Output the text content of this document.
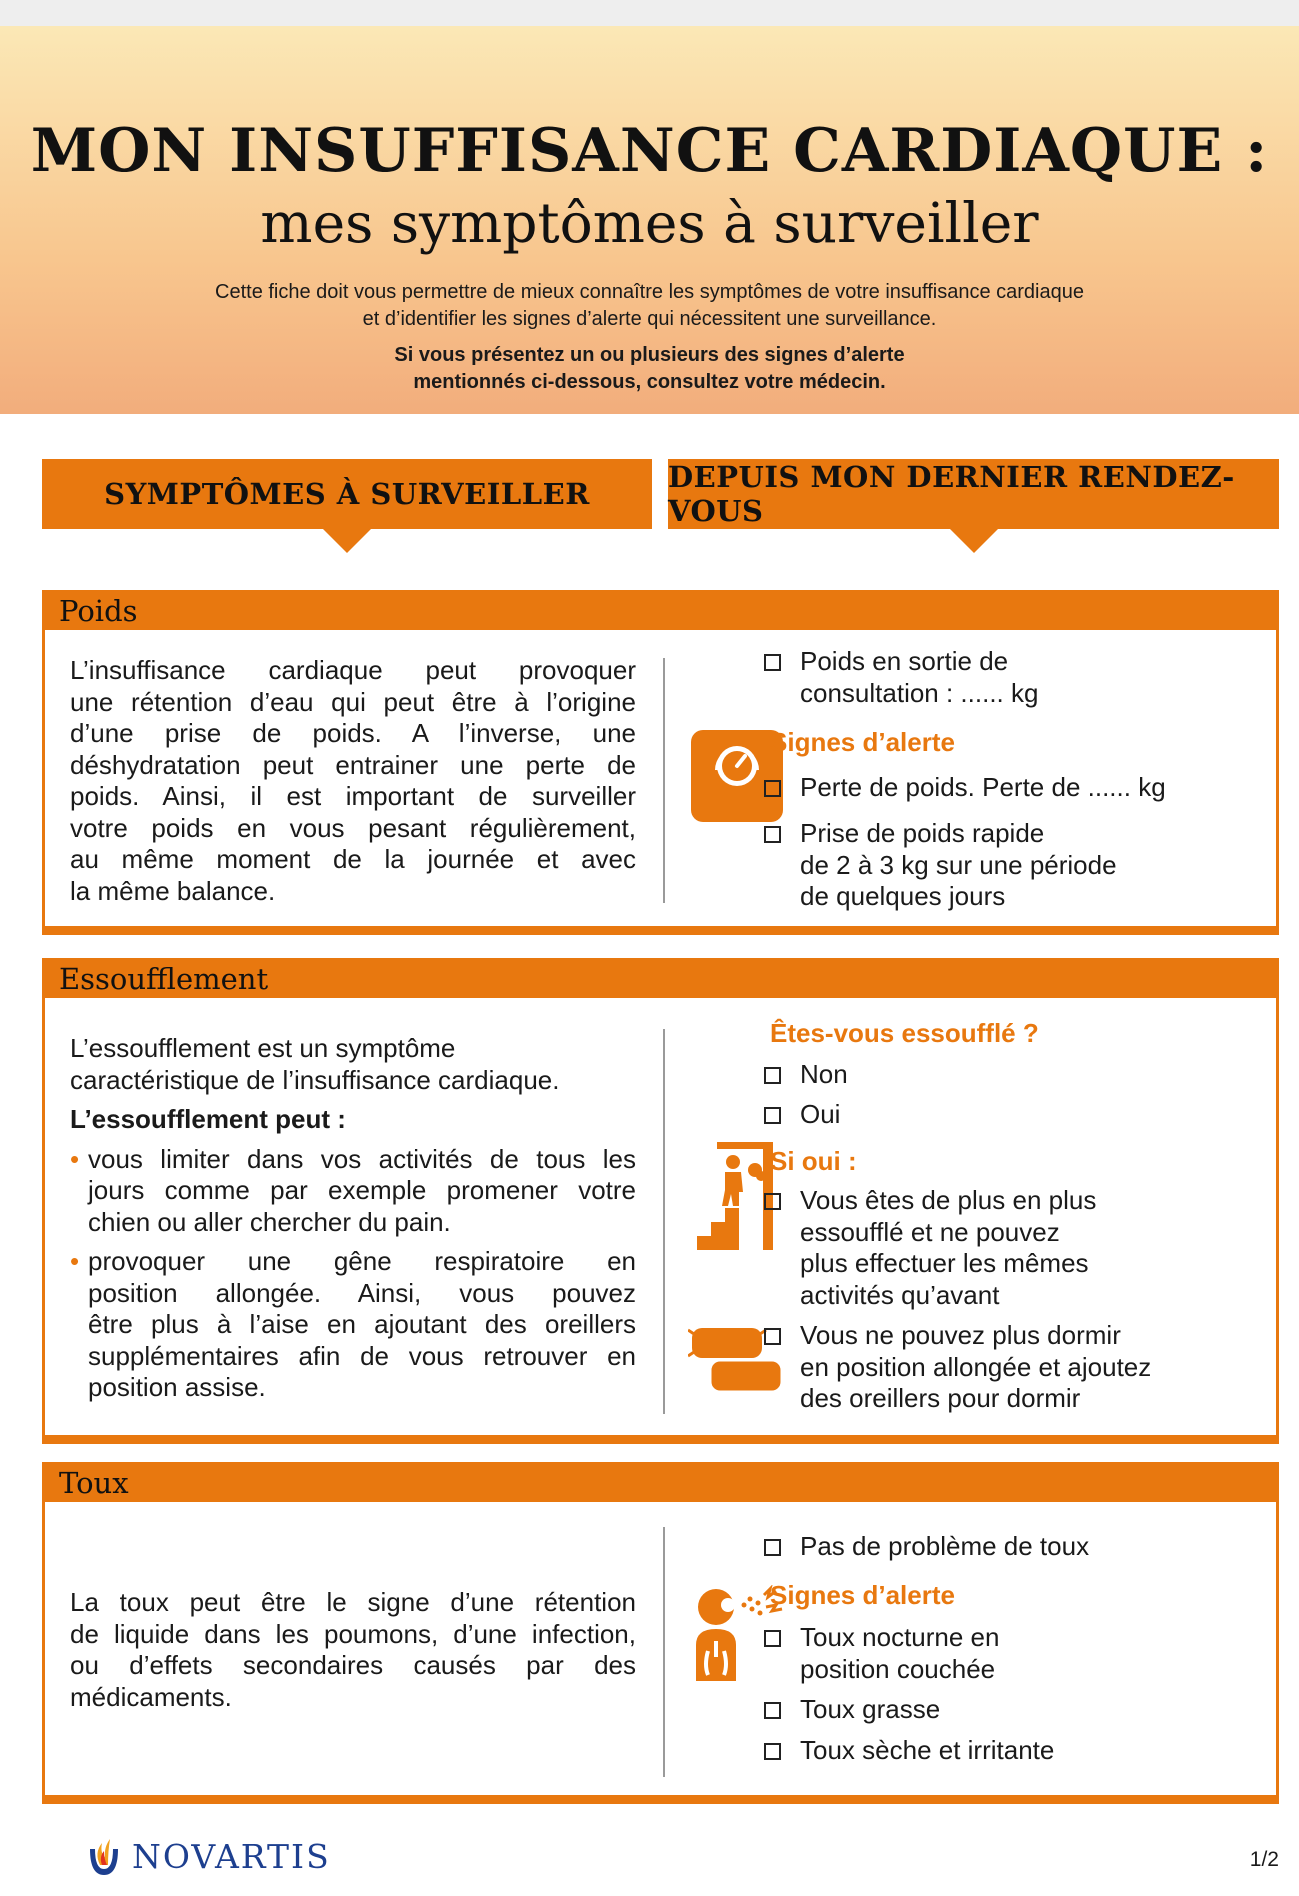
MON INSUFFISANCE CARDIAQUE :
mes symptômes à surveiller
Cette fiche doit vous permettre de mieux connaître les symptômes de votre insuffisance cardiaque
et d’identifier les signes d’alerte qui nécessitent une surveillance.
Si vous présentez un ou plusieurs des signes d’alerte
mentionnés ci-dessous, consultez votre médecin.
SYMPTÔMES À SURVEILLER	DEPUIS MON DERNIER RENDEZ-VOUS
Poids
L’insuffisance cardiaque peut provoquer
une rétention d’eau qui peut être à l’origine
d’une prise de poids. A l’inverse, une
déshydratation peut entrainer une perte de
poids. Ainsi, il est important de surveiller
votre poids en vous pesant régulièrement,
au même moment de la journée et avec
la même balance.
Poids en sortie de
consultation : ...... kg
Signes d’alerte
Perte de poids. Perte de ...... kg
Prise de poids rapide
de 2 à 3 kg sur une période
de quelques jours
Essoufflement
L’essoufflement est un symptôme
caractéristique de l’insuffisance cardiaque.
L’essoufflement peut :
• vous limiter dans vos activités de tous les
jours comme par exemple promener votre
chien ou aller chercher du pain.
• provoquer une gêne respiratoire en
position allongée. Ainsi, vous pouvez
être plus à l’aise en ajoutant des oreillers
supplémentaires afin de vous retrouver en
position assise.
Êtes-vous essoufflé ?
Non
Oui
Si oui :
Vous êtes de plus en plus
essoufflé et ne pouvez
plus effectuer les mêmes
activités qu’avant
Vous ne pouvez plus dormir
en position allongée et ajoutez
des oreillers pour dormir
Toux
La toux peut être le signe d’une rétention
de liquide dans les poumons, d’une infection,
ou d’effets secondaires causés par des
médicaments.
Pas de problème de toux
Signes d’alerte
Toux nocturne en
position couchée
Toux grasse
Toux sèche et irritante
NOVARTIS	1/2
